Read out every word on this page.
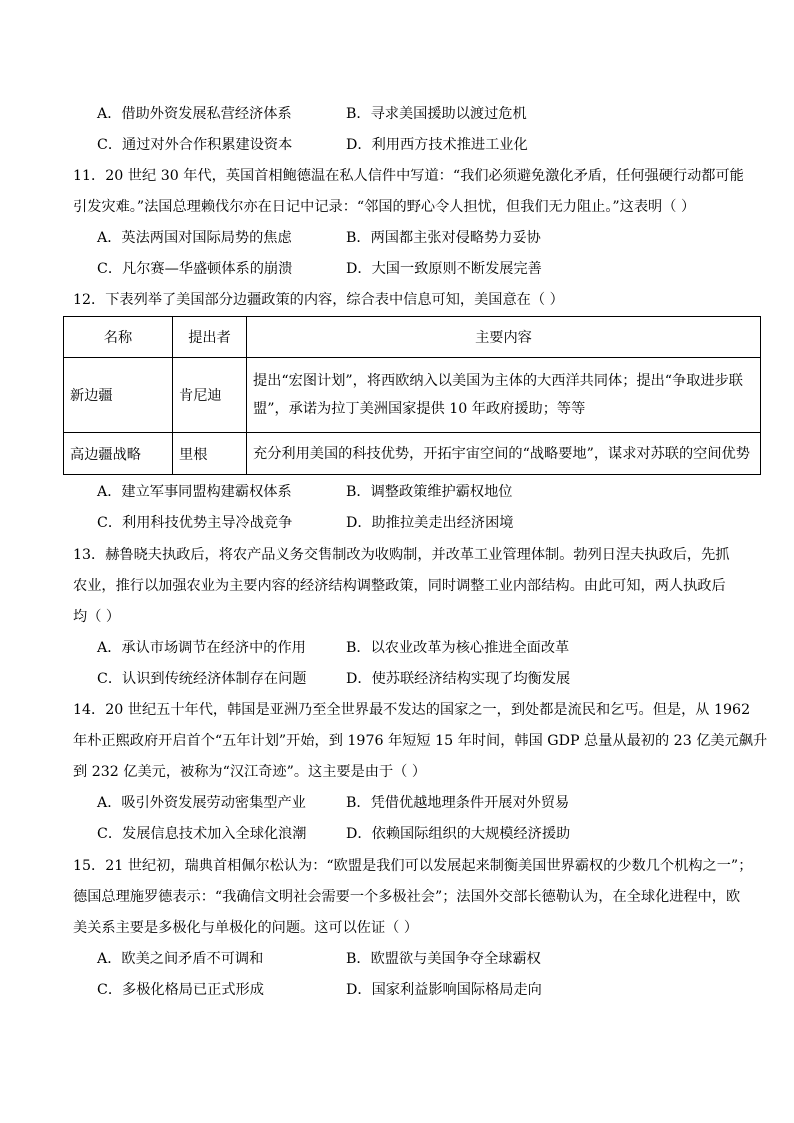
A．借助外资发展私营经济体系	B．寻求美国援助以渡过危机
C．通过对外合作积累建设资本	D．利用西方技术推进工业化
11．20 世纪 30 年代，英国首相鲍德温在私人信件中写道：“我们必须避免激化矛盾，任何强硬行动都可能
引发灾难。”法国总理赖伐尔亦在日记中记录：“邻国的野心令人担忧，但我们无力阻止。”这表明（ ）
A．英法两国对国际局势的焦虑	B．两国都主张对侵略势力妥协
C．凡尔赛—华盛顿体系的崩溃	D．大国一致原则不断发展完善
12．下表列举了美国部分边疆政策的内容，综合表中信息可知，美国意在（ ）
名称	提出者	主要内容
新边疆	肯尼迪	提出“宏图计划”，将西欧纳入以美国为主体的大西洋共同体；提出“争取进步联
盟”，承诺为拉丁美洲国家提供 10 年政府援助；等等

高边疆战略	里根	充分利用美国的科技优势，开拓宇宙空间的“战略要地”，谋求对苏联的空间优势
A．建立军事同盟构建霸权体系	B．调整政策维护霸权地位
C．利用科技优势主导冷战竞争	D．助推拉美走出经济困境
13．赫鲁晓夫执政后，将农产品义务交售制改为收购制，并改革工业管理体制。勃列日涅夫执政后，先抓
农业，推行以加强农业为主要内容的经济结构调整政策，同时调整工业内部结构。由此可知，两人执政后
均（ ）
A．承认市场调节在经济中的作用	B．以农业改革为核心推进全面改革
C．认识到传统经济体制存在问题	D．使苏联经济结构实现了均衡发展
14．20 世纪五十年代，韩国是亚洲乃至全世界最不发达的国家之一，到处都是流民和乞丐。但是，从 1962
年朴正熙政府开启首个“五年计划”开始，到 1976 年短短 15 年时间，韩国 GDP 总量从最初的 23 亿美元飙升
到 232 亿美元，被称为“汉江奇迹”。这主要是由于（ ）
A．吸引外资发展劳动密集型产业	B．凭借优越地理条件开展对外贸易
C．发展信息技术加入全球化浪潮	D．依赖国际组织的大规模经济援助
15．21 世纪初，瑞典首相佩尔松认为：“欧盟是我们可以发展起来制衡美国世界霸权的少数几个机构之一”；
德国总理施罗德表示：“我确信文明社会需要一个多极社会”；法国外交部长德勒认为，在全球化进程中，欧
美关系主要是多极化与单极化的问题。这可以佐证（ ）
A．欧美之间矛盾不可调和	B．欧盟欲与美国争夺全球霸权
C．多极化格局已正式形成	D．国家利益影响国际格局走向
